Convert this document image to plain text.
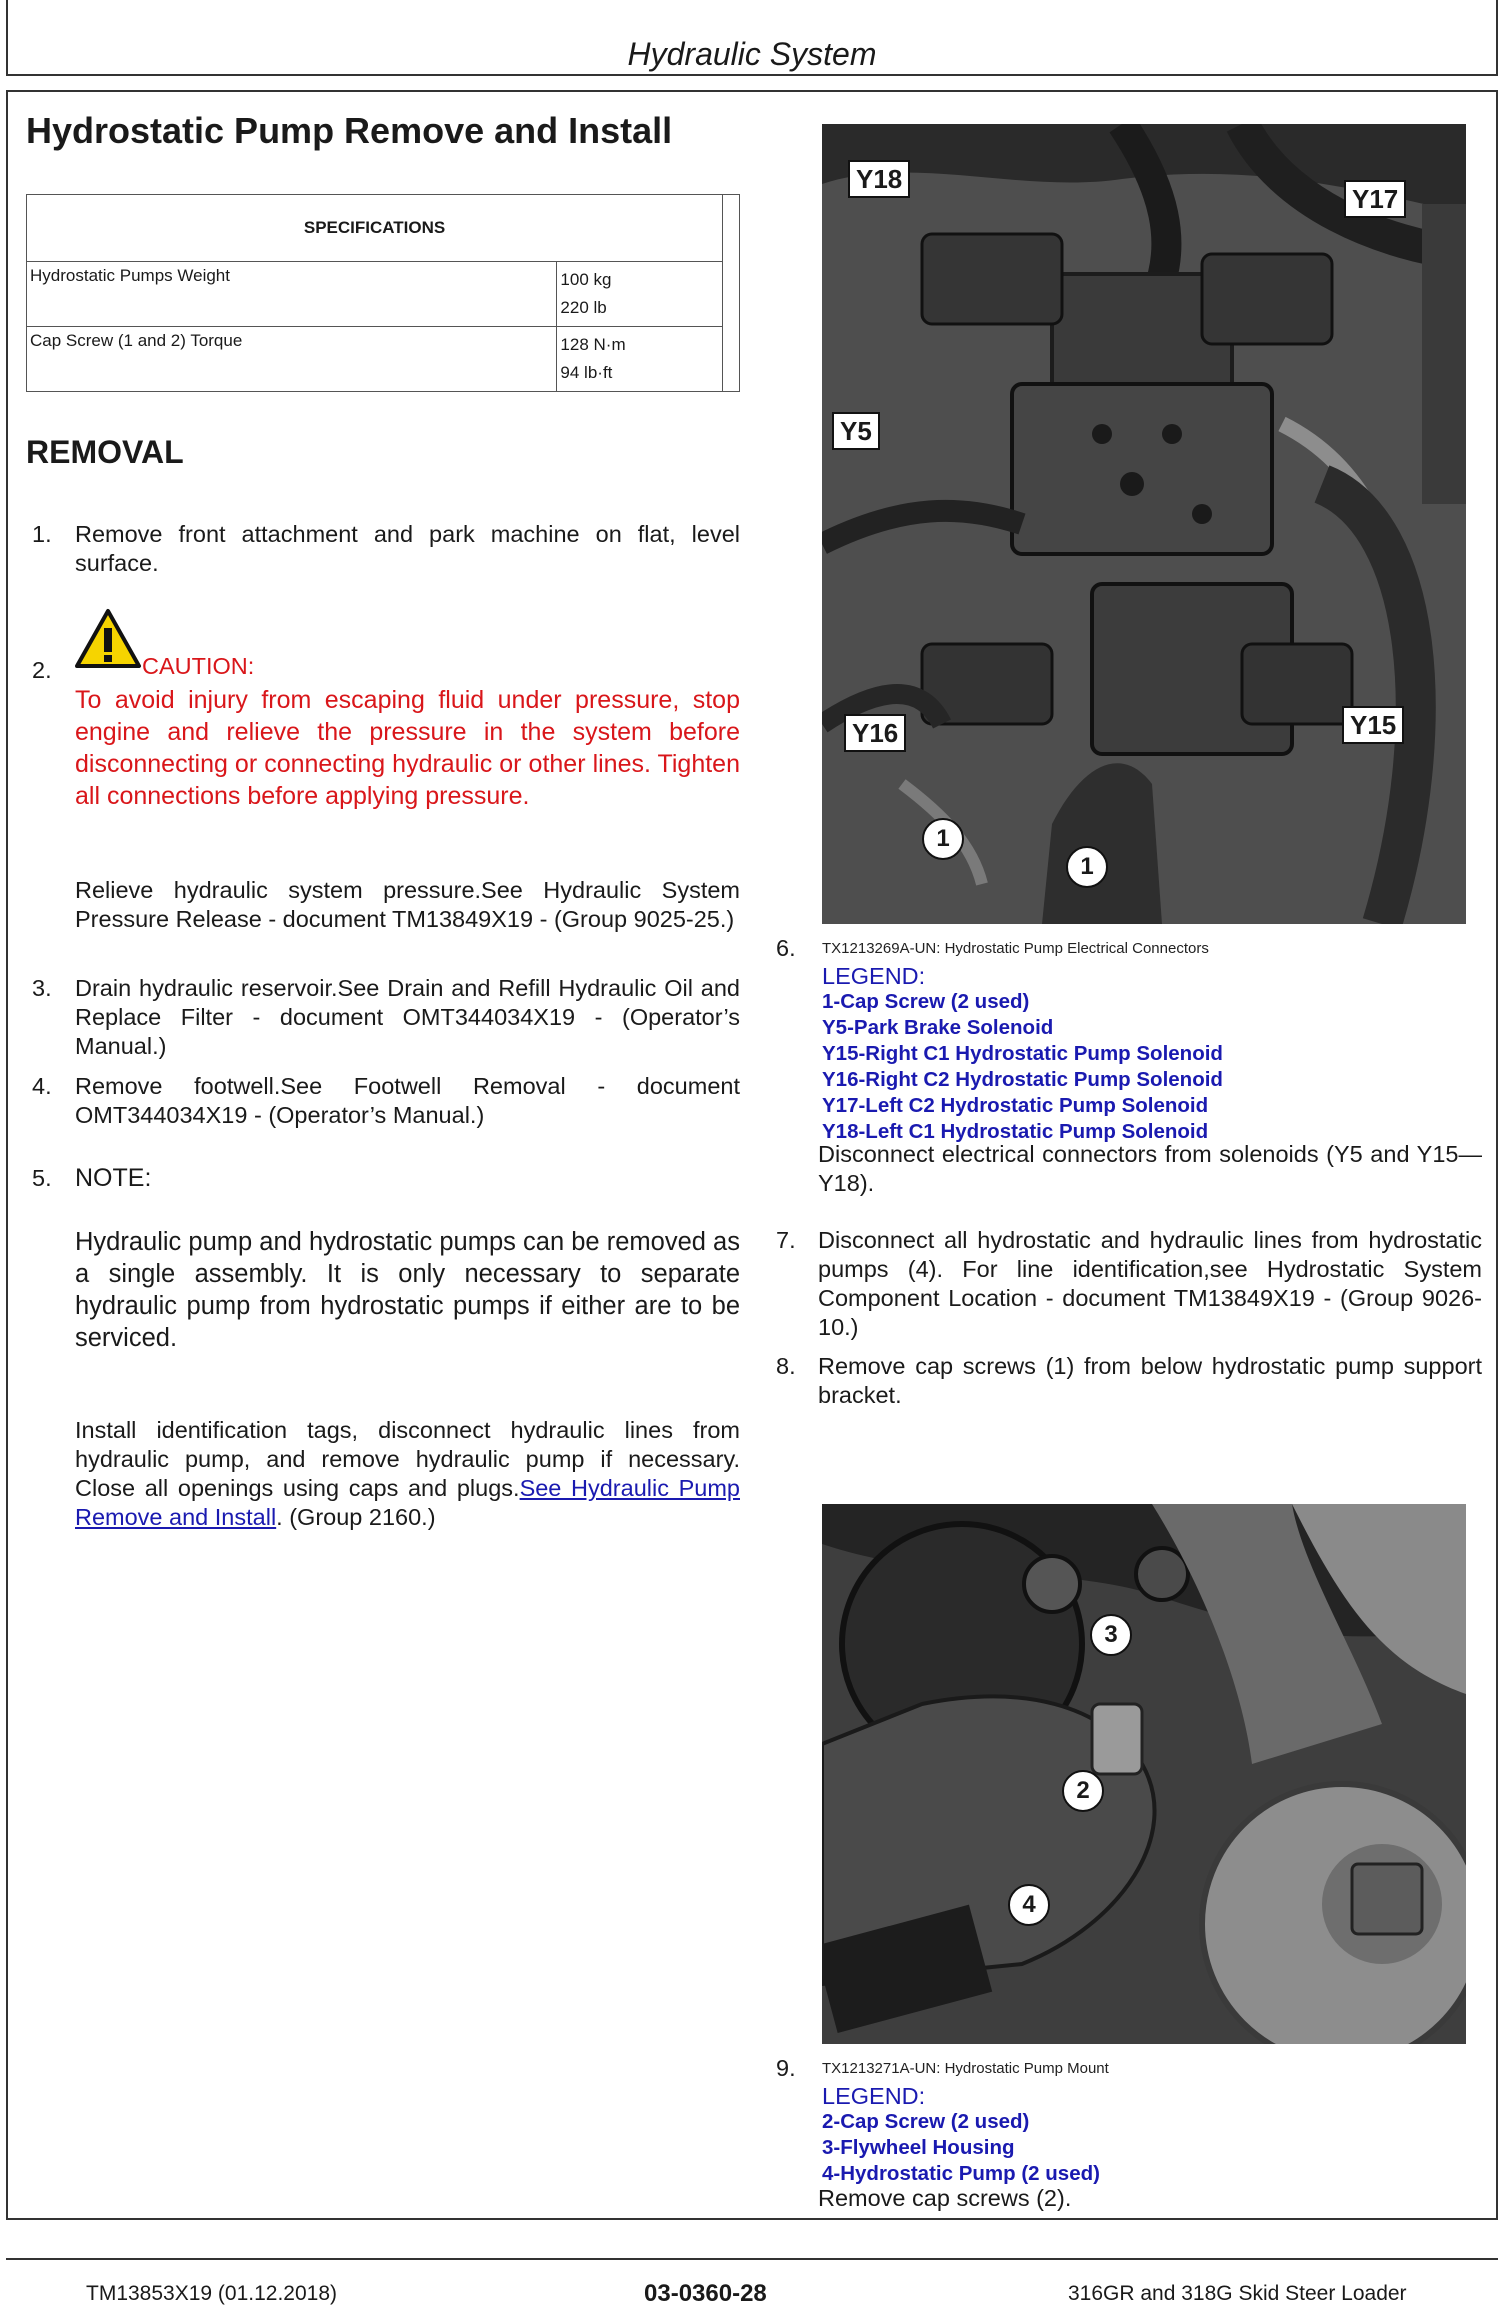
Hydraulic System
Hydrostatic Pump Remove and Install
SPECIFICATIONS		
Hydrostatic Pumps Weight	100 kg
220 lb	

Cap Screw (1 and 2) Torque	128 N·m
94 lb·ft	
REMOVAL
1. Remove front attachment and park machine on flat, level surface.
2.	CAUTION:
To avoid injury from escaping fluid under pressure, stop engine and relieve the pressure in the system before disconnecting or connecting hydraulic or other lines. Tighten all connections before applying pressure.
Relieve hydraulic system pressure.See Hydraulic System Pressure Release - document TM13849X19 - (Group 9025-25.)
3. Drain hydraulic reservoir.See Drain and Refill Hydraulic Oil and Replace Filter - document OMT344034X19 - (Operator’s Manual.)
4. Remove footwell.See Footwell Removal - document OMT344034X19 - (Operator’s Manual.)
5. NOTE:
Hydraulic pump and hydrostatic pumps can be removed as a single assembly. It is only necessary to separate hydraulic pump from hydrostatic pumps if either are to be serviced.
Install identification tags, disconnect hydraulic lines from hydraulic pump, and remove hydraulic pump if necessary. Close all openings using caps and plugs.See Hydraulic Pump Remove and Install. (Group 2160.)
Y18
Y17
Y5
Y16	Y15
1
1
6.	TX1213269A-UN: Hydrostatic Pump Electrical Connectors
LEGEND:
1-Cap Screw (2 used)
Y5-Park Brake Solenoid
Y15-Right C1 Hydrostatic Pump Solenoid
Y16-Right C2 Hydrostatic Pump Solenoid
Y17-Left C2 Hydrostatic Pump Solenoid
Y18-Left C1 Hydrostatic Pump Solenoid
Disconnect electrical connectors from solenoids (Y5 and Y15—Y18).
7. Disconnect all hydrostatic and hydraulic lines from hydrostatic pumps (4). For line identification,see Hydrostatic System Component Location - document TM13849X19 - (Group 9026-10.)
8. Remove cap screws (1) from below hydrostatic pump support bracket.
3
2
4
9.	TX1213271A-UN: Hydrostatic Pump Mount
LEGEND:
2-Cap Screw (2 used)
3-Flywheel Housing
4-Hydrostatic Pump (2 used)
Remove cap screws (2).
TM13853X19 (01.12.2018)	03-0360-28	316GR and 318G Skid Steer Loader
